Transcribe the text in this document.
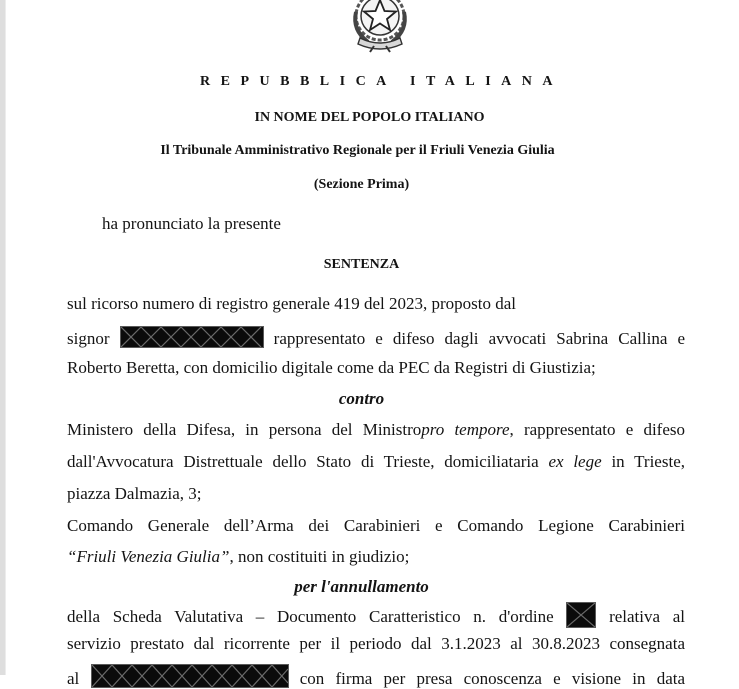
REPUBBLICA ITALIANA
IN NOME DEL POPOLO ITALIANO
Il Tribunale Amministrativo Regionale per il Friuli Venezia Giulia
(Sezione Prima)
ha pronunciato la presente
SENTENZA
sul ricorso numero di registro generale 419 del 2023, proposto dal
signor	rappresentato e difeso dagli avvocati Sabrina Callina e
Roberto Beretta, con domicilio digitale come da PEC da Registri di Giustizia;
contro
Ministero della Difesa, in persona del Ministropro tempore, rappresentato e difeso
dall'Avvocatura Distrettuale dello Stato di Trieste, domiciliataria ex lege in Trieste,
piazza Dalmazia, 3;
Comando Generale dell’Arma dei Carabinieri e Comando Legione Carabinieri
“Friuli Venezia Giulia”, non costituiti in giudizio;
per l'annullamento
della Scheda Valutativa – Documento Caratteristico n. d'ordine	relativa al
servizio prestato dal ricorrente per il periodo dal 3.1.2023 al 30.8.2023 consegnata
al	con firma per presa conoscenza e visione in data
